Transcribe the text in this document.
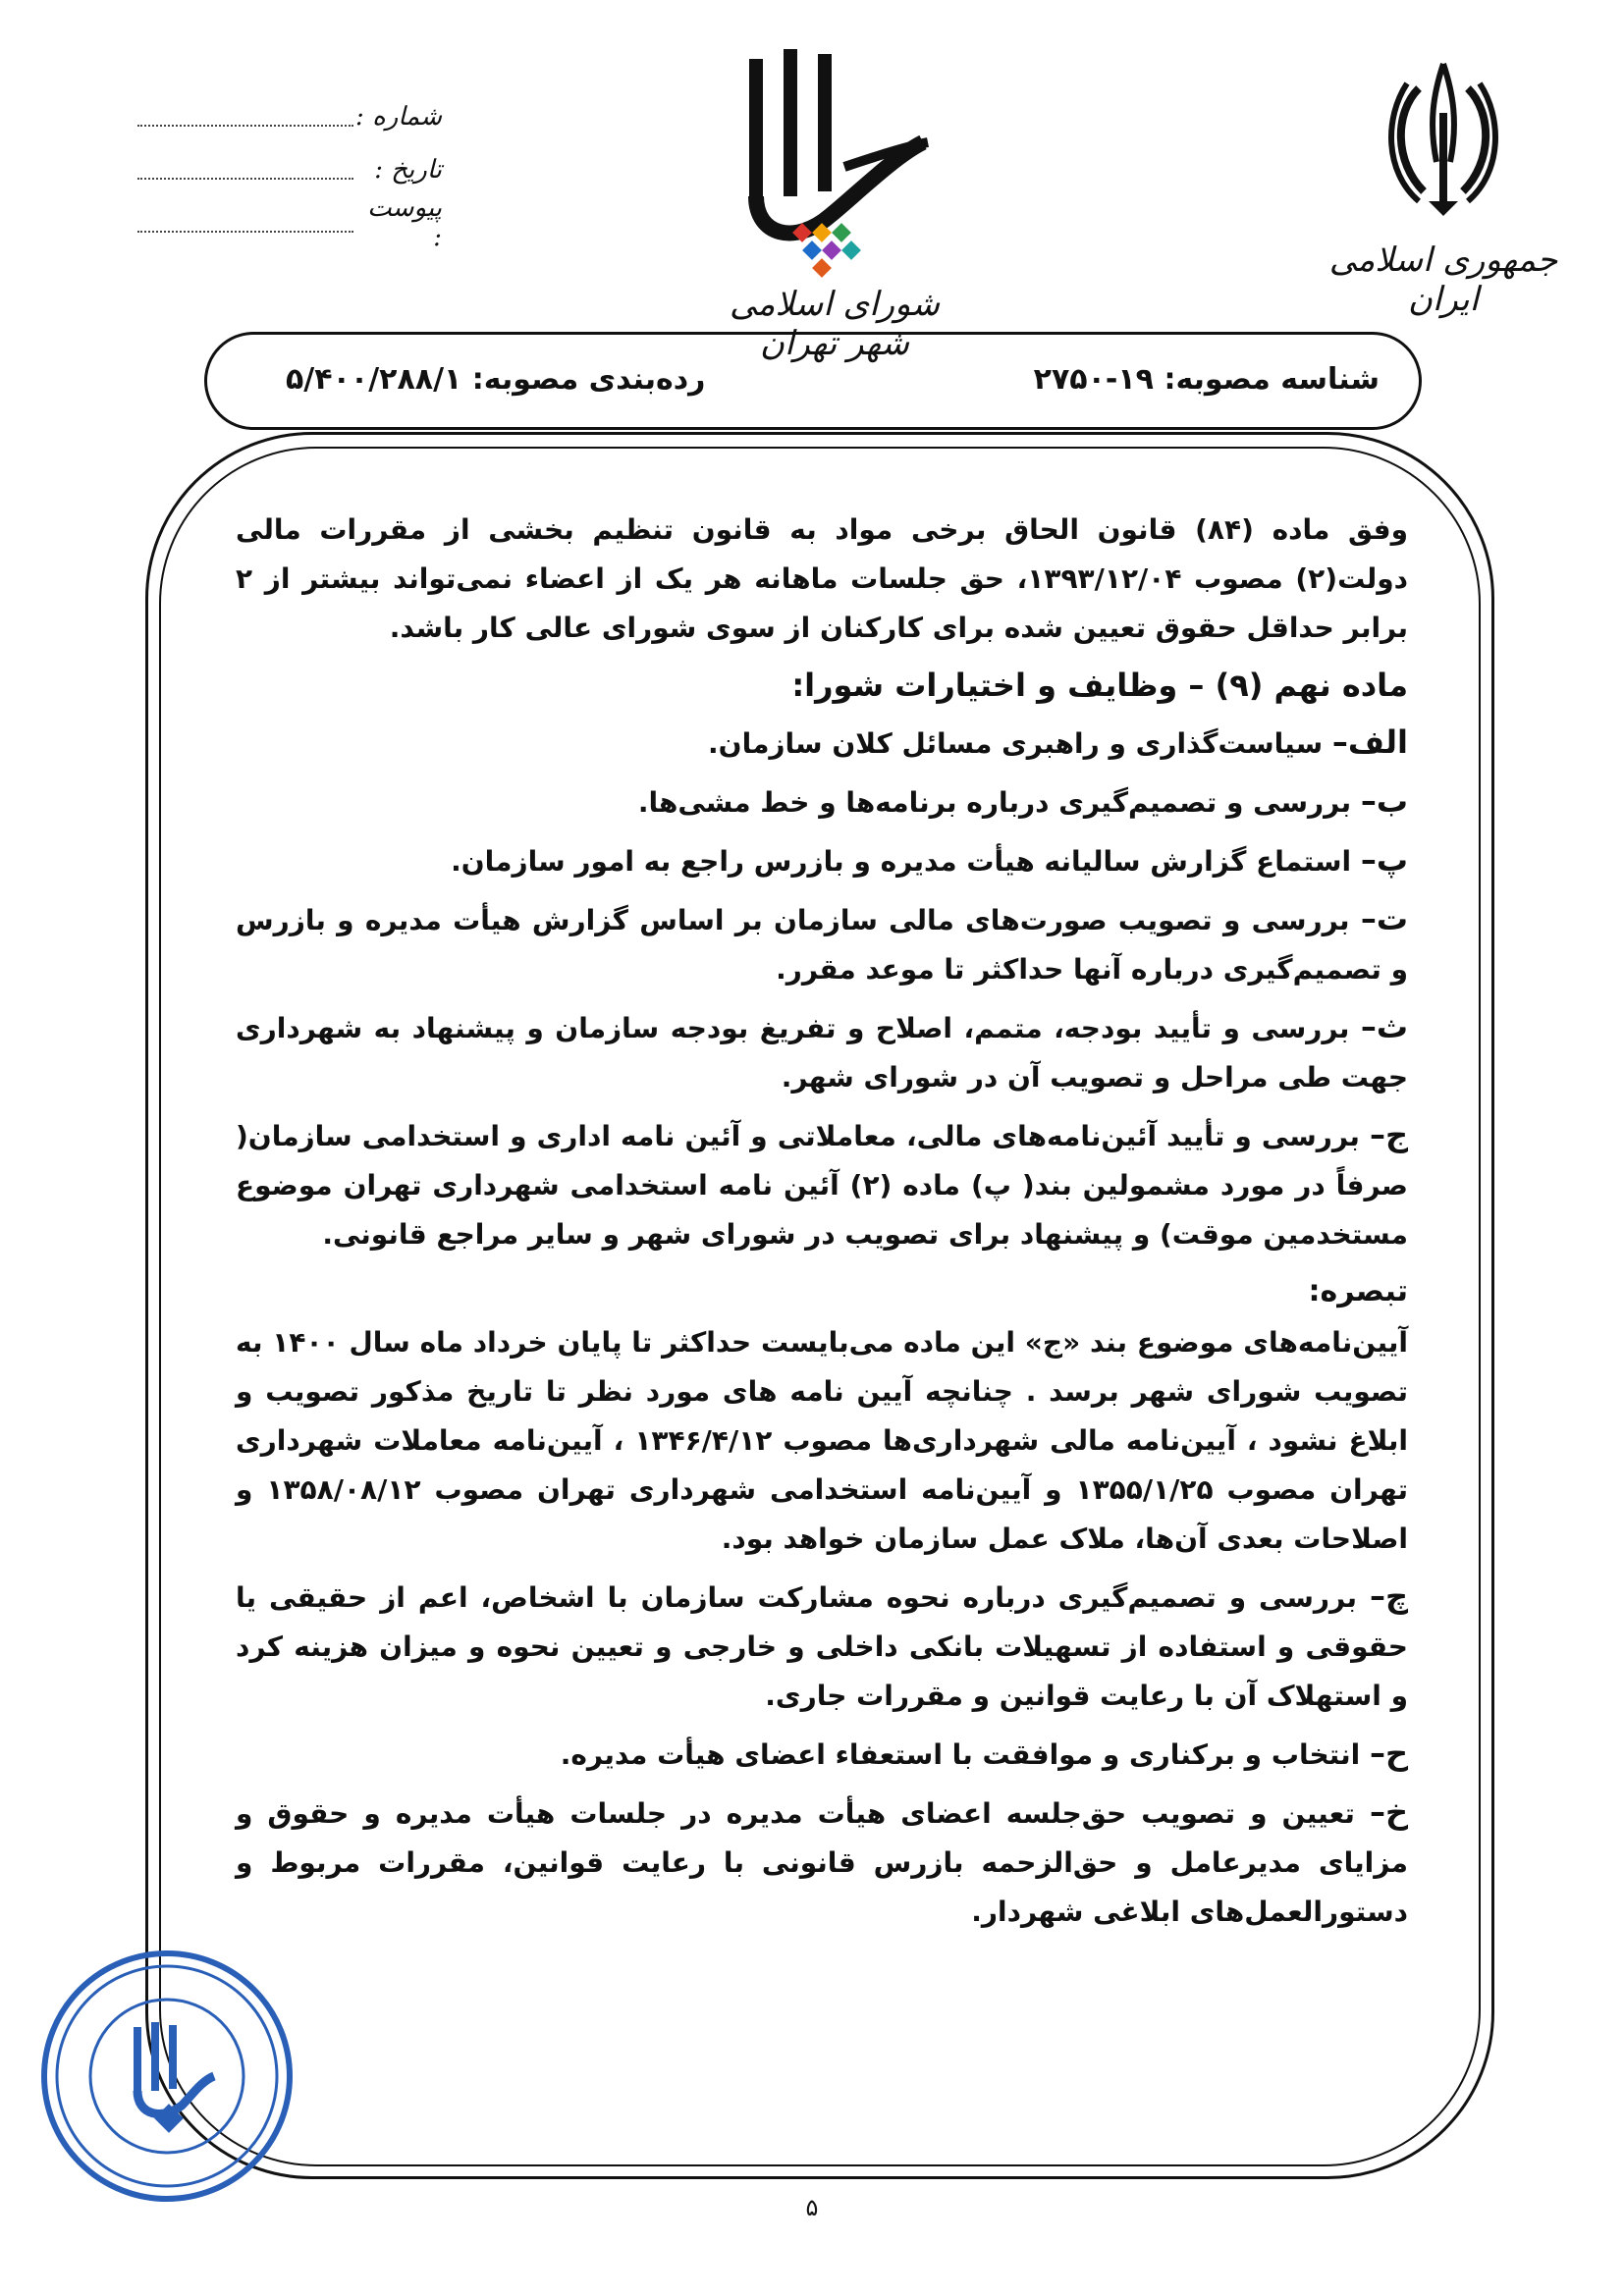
جمهوری اسلامی ایران
شورای اسلامی شهر تهران
شماره :
تاریخ :
پیوست :
شناسه مصوبه: ۱۹-۲۷۵۰
رده‌بندی مصوبه: ۵/۴۰۰/۲۸۸/۱

وفق ماده (۸۴) قانون الحاق برخی مواد به قانون تنظیم بخشی از مقررات مالی دولت(۲) مصوب ۱۳۹۳/۱۲/۰۴، حق جلسات ماهانه هر یک از اعضاء نمی‌تواند بیشتر از ۲ برابر حداقل حقوق تعیین شده برای کارکنان از سوی شورای عالی کار باشد.

ماده نهم (۹) – وظایف و اختیارات شورا:

الف– سیاست‌گذاری و راهبری مسائل کلان سازمان.

ب– بررسی و تصمیم‌گیری درباره برنامه‌ها و خط مشی‌ها.

پ– استماع گزارش سالیانه هیأت مدیره و بازرس راجع به امور سازمان.

ت– بررسی و تصویب صورت‌های مالی سازمان بر اساس گزارش هیأت مدیره و بازرس و تصمیم‌گیری درباره آنها حداکثر تا موعد مقرر.

ث– بررسی و تأیید بودجه، متمم، اصلاح و تفریغ بودجه سازمان و پیشنهاد به شهرداری جهت طی مراحل و تصویب آن در شورای شهر.

ج– بررسی و تأیید آئین‌نامه‌های مالی، معاملاتی و آئین نامه اداری و استخدامی سازمان( صرفاً در مورد مشمولین بند( پ) ماده (۲) آئین نامه استخدامی شهرداری تهران موضوع مستخدمین موقت) و پیشنهاد برای تصویب در شورای شهر و سایر مراجع قانونی.

تبصره:

آیین‌نامه‌های موضوع بند «ج» این ماده می‌بایست حداکثر تا پایان خرداد ماه سال ۱۴۰۰ به تصویب شورای شهر برسد . چنانچه آیین نامه های مورد نظر تا تاریخ مذکور تصویب و ابلاغ نشود ، آیین‌نامه مالی شهرداری‌ها مصوب ۱۳۴۶/۴/۱۲ ، آیین‌نامه معاملات شهرداری تهران مصوب ۱۳۵۵/۱/۲۵ و آیین‌نامه استخدامی شهرداری تهران مصوب ۱۳۵۸/۰۸/۱۲ و اصلاحات بعدی آن‌ها، ملاک عمل سازمان خواهد بود.

چ– بررسی و تصمیم‌گیری درباره نحوه مشارکت سازمان با اشخاص، اعم از حقیقی یا حقوقی و استفاده از تسهیلات بانکی داخلی و خارجی و تعیین نحوه و میزان هزینه کرد و استهلاک آن با رعایت قوانین و مقررات جاری.

ح– انتخاب و برکناری و موافقت با استعفاء اعضای هیأت مدیره.

خ– تعیین و تصویب حق‌جلسه اعضای هیأت مدیره در جلسات هیأت مدیره و حقوق و مزایای مدیرعامل و حق‌الزحمه بازرس قانونی با رعایت قوانین، مقررات مربوط و دستورالعمل‌های ابلاغی شهردار.

۵
